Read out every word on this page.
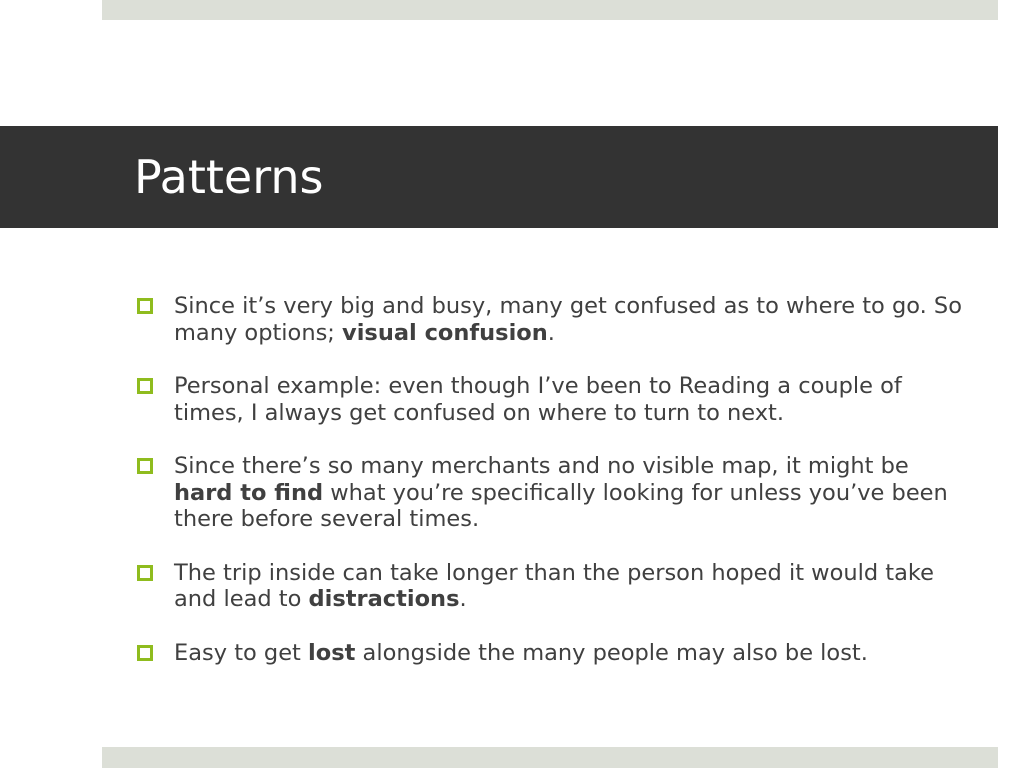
Patterns
Since it’s very big and busy, many get confused as to where to go. So many options; visual confusion.
Personal example: even though I’ve been to Reading a couple of times, I always get confused on where to turn to next.
Since there’s so many merchants and no visible map, it might be hard to find what you’re specifically looking for unless you’ve been there before several times.
The trip inside can take longer than the person hoped it would take and lead to distractions.
Easy to get lost alongside the many people may also be lost.
